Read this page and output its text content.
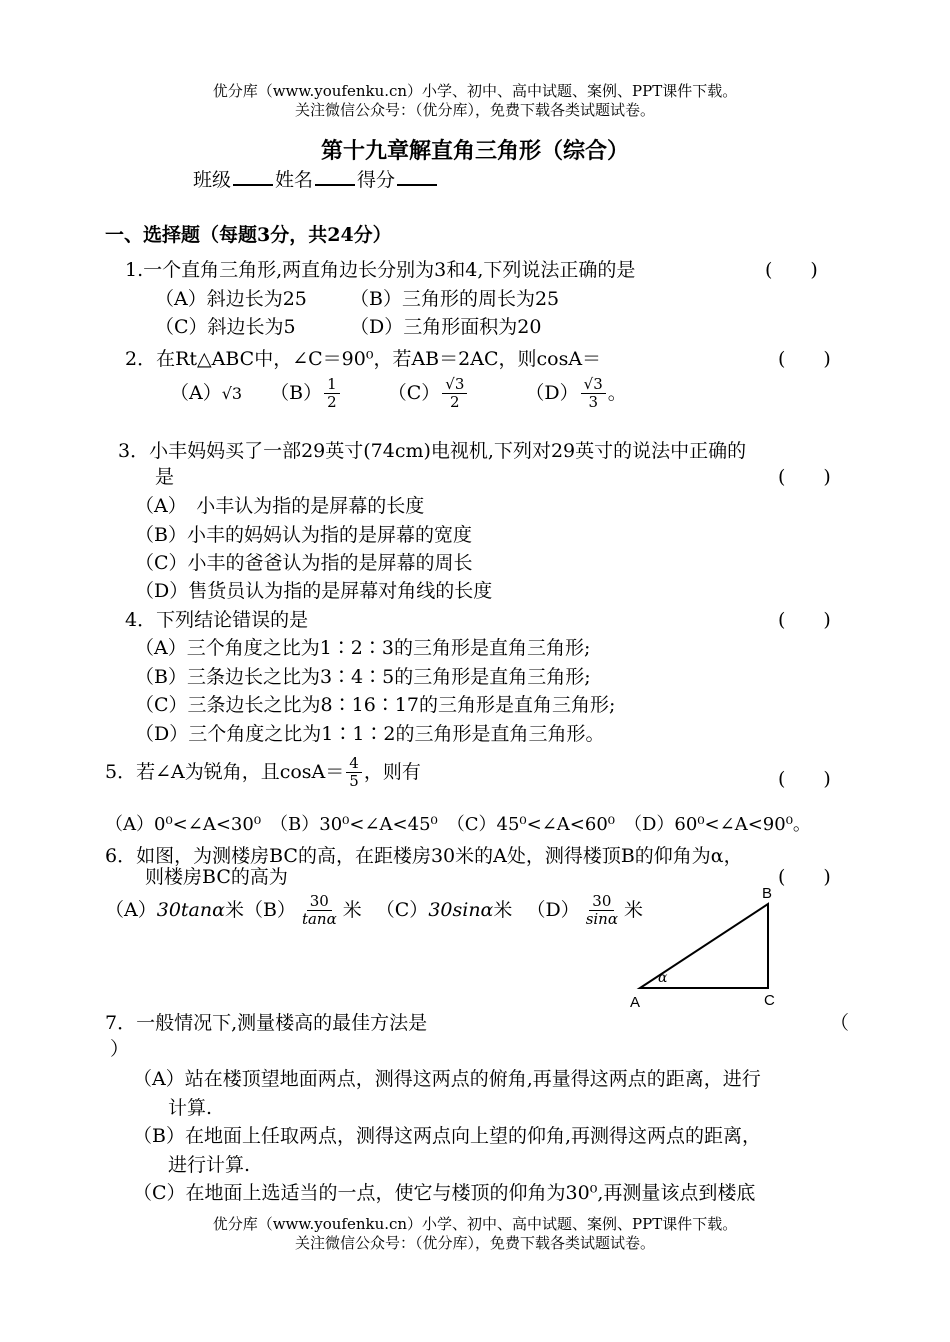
优分库（www.youfenku.cn）小学、初中、高中试题、案例、PPT课件下载。
关注微信公众号：（优分库），免费下载各类试题试卷。
第十九章解直角三角形（综合）
班级 姓名 得分
一、选择题（每题3分，共24分）
1.一个直角三角形,两直角边长分别为3和4,下列说法正确的是	(　　)
（A）斜边长为25 （B）三角形的周长为25
（C）斜边长为5	（D）三角形面积为20
2．在Rt△ABC中，∠C＝90⁰，若AB＝2AC，则cosA＝	(　　)
（A）√3 $(B) \frac{1}{2}$	$(C) \frac{√3}{2}$	$(D) \frac{√3}{3}$ 。
3．小丰妈妈买了一部29英寸(74cm)电视机,下列对29英寸的说法中正确的
是	(　　)
（A）　小丰认为指的是屏幕的长度
（B）小丰的妈妈认为指的是屏幕的宽度
（C）小丰的爸爸认为指的是屏幕的周长
（D）售货员认为指的是屏幕对角线的长度
4．下列结论错误的是	(　　)
（A）三个角度之比为1∶2∶3的三角形是直角三角形;
（B）三条边长之比为3∶4∶5的三角形是直角三角形;
（C）三条边长之比为8∶16∶17的三角形是直角三角形;
（D）三个角度之比为1∶1∶2的三角形是直角三角形。
5．若∠A为锐角，且$\cos A= \frac{4}{5}$ ，则有	(　　)
（A）0⁰<∠A<30⁰　（B）30⁰<∠A<45⁰　（C）45⁰<∠A<60⁰　（D）60⁰<∠A<90⁰。
6．如图，为测楼房BC的高，在距楼房30米的A处，测得楼顶B的仰角为α，
则楼房BC的高为	(　　)
（A）30tanα米$(B) \frac{30}{\tan\alpha}$ 米 （C）30sinα米 $(D) \frac{30}{\sin\alpha}$ 米
B
A	C
α
7．一般情况下,测量楼高的最佳方法是	（
）
（A）站在楼顶望地面两点，测得这两点的俯角,再量得这两点的距离，进行
计算.
（B）在地面上任取两点，测得这两点向上望的仰角,再测得这两点的距离，
进行计算.
（C）在地面上选适当的一点，使它与楼顶的仰角为30⁰,再测量该点到楼底
优分库（www.youfenku.cn）小学、初中、高中试题、案例、PPT课件下载。
关注微信公众号：（优分库），免费下载各类试题试卷。
